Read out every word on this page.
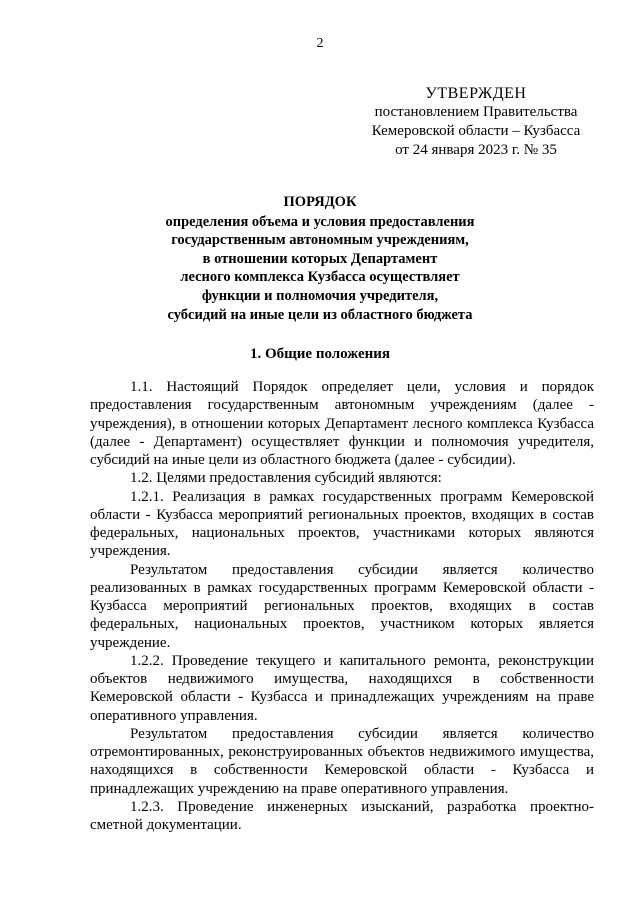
2
УТВЕРЖДЕН
постановлением Правительства
Кемеровской области – Кузбасса
от 24 января 2023 г. № 35
ПОРЯДОК
определения объема и условия предоставления
государственным автономным учреждениям,
в отношении которых Департамент
лесного комплекса Кузбасса осуществляет
функции и полномочия учредителя,
субсидий на иные цели из областного бюджета
1. Общие положения

1.1. Настоящий Порядок определяет цели, условия и порядок предоставления государственным автономным учреждениям (далее - учреждения), в отношении которых Департамент лесного комплекса Кузбасса (далее - Департамент) осуществляет функции и полномочия учредителя, субсидий на иные цели из областного бюджета (далее - субсидии).

1.2. Целями предоставления субсидий являются:

1.2.1. Реализация в рамках государственных программ Кемеровской области - Кузбасса мероприятий региональных проектов, входящих в состав федеральных, национальных проектов, участниками которых являются учреждения.

Результатом предоставления субсидии является количество реализованных в рамках государственных программ Кемеровской области - Кузбасса мероприятий региональных проектов, входящих в состав федеральных, национальных проектов, участником которых является учреждение.

1.2.2. Проведение текущего и капитального ремонта, реконструкции объектов недвижимого имущества, находящихся в собственности Кемеровской области - Кузбасса и принадлежащих учреждениям на праве оперативного управления.

Результатом предоставления субсидии является количество отремонтированных, реконструированных объектов недвижимого имущества, находящихся в собственности Кемеровской области - Кузбасса и принадлежащих учреждению на праве оперативного управления.

1.2.3. Проведение инженерных изысканий, разработка проектно-сметной документации.
